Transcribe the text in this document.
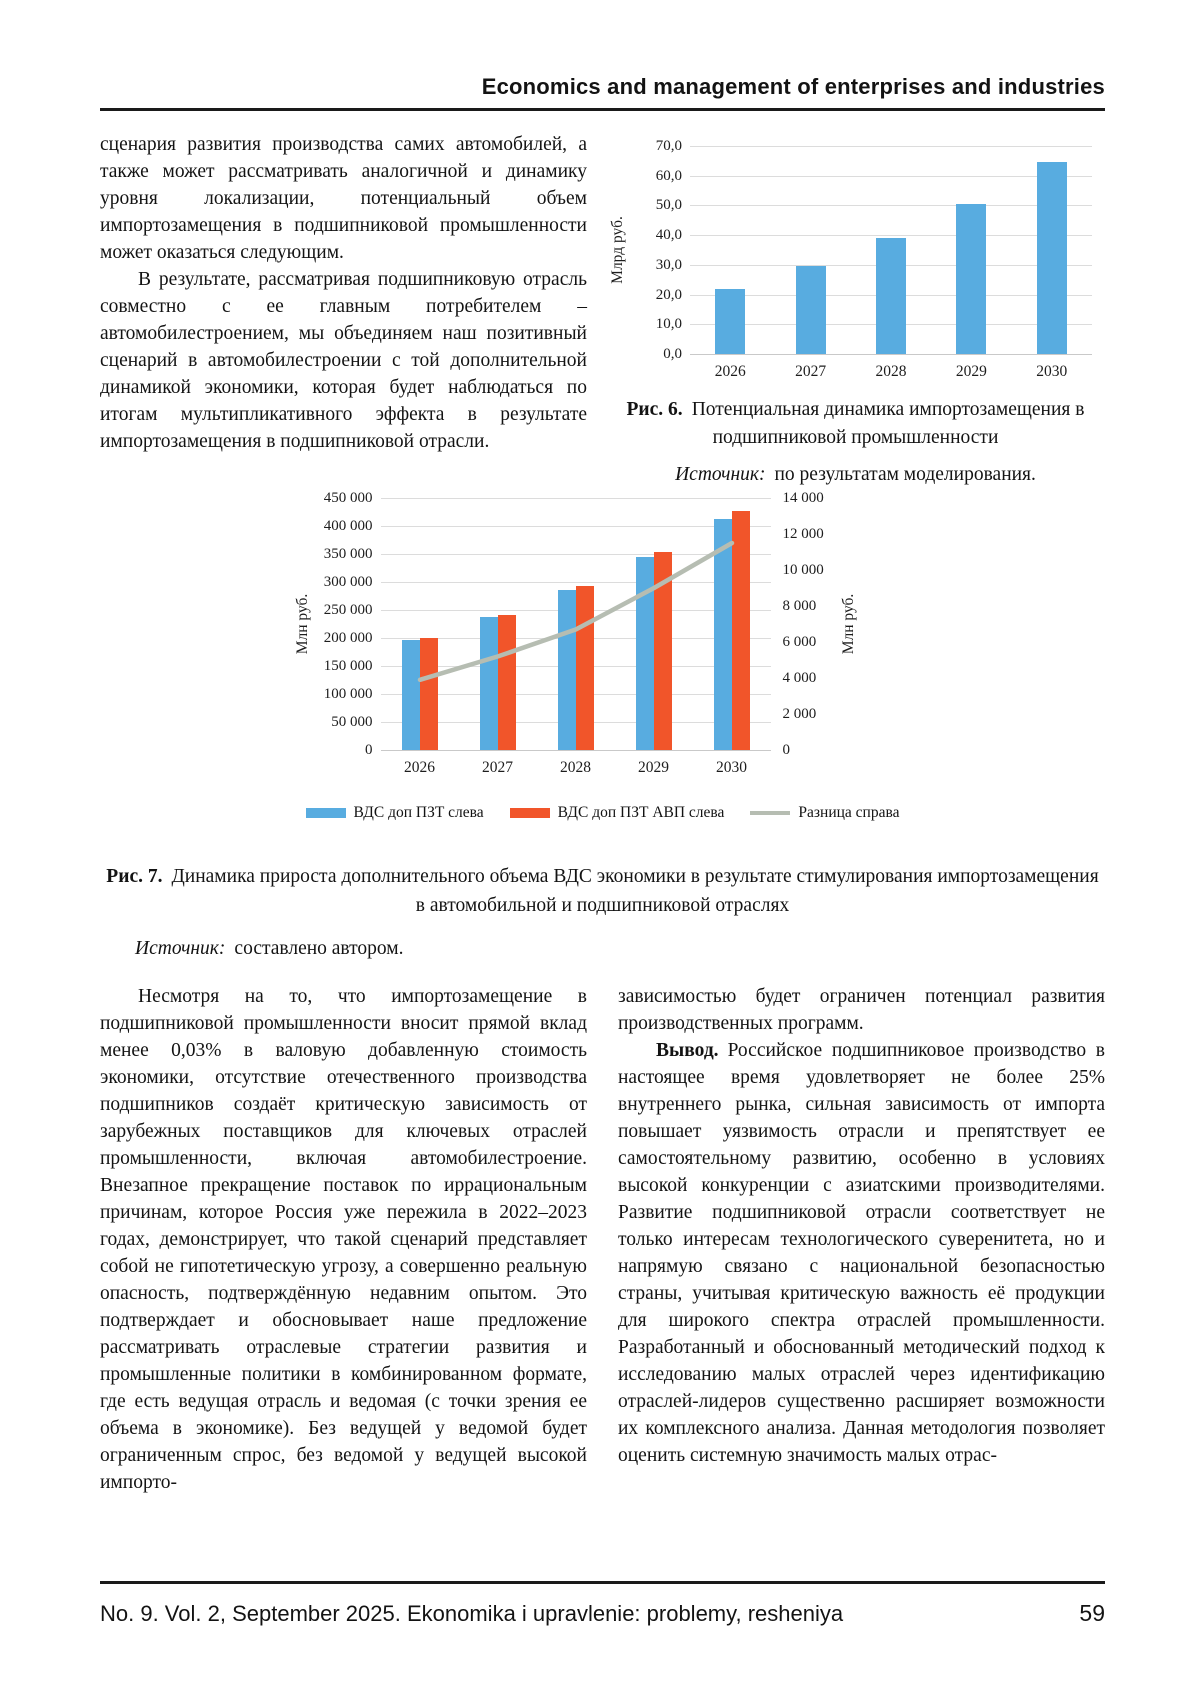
Economics and management of enterprises and industries

сценария развития производства самих автомобилей, а также может рассматривать аналогичной и динамику уровня локализации, потенциальный объем импортозамещения в подшипниковой промышленности может оказаться следующим.

В результате, рассматривая подшипниковую отрасль совместно с ее главным потребителем – автомобилестроением, мы объединяем наш позитивный сценарий в автомобилестроении с той дополнительной динамикой экономики, которая будет наблюдаться по итогам мультипликативного эффекта в результате импортозамещения в подшипниковой отрасли.

70,0
60,0
50,0
40,0
30,0
20,0
10,0
0,0
2026	2027	2028	2029	2030
Млрд руб.
Рис. 6. Потенциальная динамика импортозамещения в подшипниковой промышленности
Источник: по результатам моделирования.
450 000
400 000
350 000
300 000
250 000
200 000
150 000
100 000
50 000
0
14 000
12 000
10 000
8 000
6 000
4 000
2 000
0
2026	2027	2028	2029	2030
Млн руб.	Млн руб.
ВДС доп ПЗТ слева	ВДС доп ПЗТ АВП слева	Разница справа
Рис. 7. Динамика прироста дополнительного объема ВДС экономики в результате стимулирования импортозамещения в автомобильной и подшипниковой отраслях
Источник: составлено автором.

Несмотря на то, что импортозамещение в подшипниковой промышленности вносит прямой вклад менее 0,03% в валовую добавленную стоимость экономики, отсутствие отечественного производства подшипников создаёт критическую зависимость от зарубежных поставщиков для ключевых отраслей промышленности, включая автомобилестроение. Внезапное прекращение поставок по иррациональным причинам, которое Россия уже пережила в 2022–2023 годах, демонстрирует, что такой сценарий представляет собой не гипотетическую угрозу, а совершенно реальную опасность, подтверждённую недавним опытом. Это подтверждает и обосновывает наше предложение рассматривать отраслевые стратегии развития и промышленные политики в комбинированном формате, где есть ведущая отрасль и ведомая (с точки зрения ее объема в экономике). Без ведущей у ведомой будет ограниченным спрос, без ведомой у ведущей высокой импорто-

зависимостью будет ограничен потенциал развития производственных программ.

Вывод. Российское подшипниковое производство в настоящее время удовлетворяет не более 25% внутреннего рынка, сильная зависимость от импорта повышает уязвимость отрасли и препятствует ее самостоятельному развитию, особенно в условиях высокой конкуренции с азиатскими производителями. Развитие подшипниковой отрасли соответствует не только интересам технологического суверенитета, но и напрямую связано с национальной безопасностью страны, учитывая критическую важность её продукции для широкого спектра отраслей промышленности. Разработанный и обоснованный методический подход к исследованию малых отраслей через идентификацию отраслей-лидеров существенно расширяет возможности их комплексного анализа. Данная методология позволяет оценить системную значимость малых отрас-

No. 9. Vol. 2, September 2025. Ekonomika i upravlenie: problemy, resheniya	59
